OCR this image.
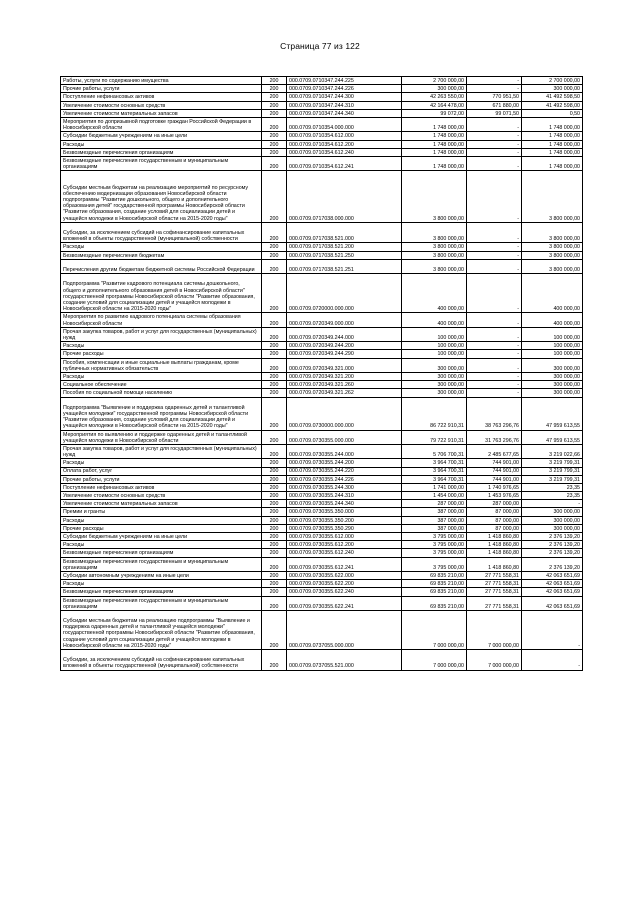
Страница 77 из 122
Работы, услуги по содержанию имущества	200	000.0709.0710347.244.225	2 700 000,00	-	2 700 000,00
Прочие работы, услуги	200	000.0709.0710347.244.226	300 000,00	-	300 000,00
Поступление нефинансовых активов	200	000.0709.0710347.244.300	42 263 550,00	770 951,50	41 492 598,50
Увеличение стоимости основных средств	200	000.0709.0710347.244.310	42 164 478,00	671 880,00	41 492 598,00
Увеличение стоимости материальных запасов	200	000.0709.0710347.244.340	99 072,00	99 071,50	0,50
Мероприятия по допризывной подготовке граждан Российской Федерации в Новосибирской области	200	000.0709.0710354.000.000	1 748 000,00	-	1 748 000,00
Субсидии бюджетным учреждениям на иные цели	200	000.0709.0710354.612.000	1 748 000,00	-	1 748 000,00
Расходы	200	000.0709.0710354.612.200	1 748 000,00	-	1 748 000,00
Безвозмездные перечисления организациям	200	000.0709.0710354.612.240	1 748 000,00	-	1 748 000,00
Безвозмездные перечисления государственным и муниципальным организациям	200	000.0709.0710354.612.241	1 748 000,00	-	1 748 000,00
Субсидии местным бюджетам на реализацию мероприятий по ресурсному обеспечению модернизации образования Новосибирской области подпрограммы "Развитие дошкольного, общего и дополнительного образования детей" государственной программы Новосибирской области "Развитие образования, создание условий для социализации детей и учащейся молодежи в Новосибирской области на 2015-2020 годы"	200	000.0709.0717038.000.000	3 800 000,00	-	3 800 000,00
Субсидии, за исключением субсидий на софинансирование капитальных вложений в объекты государственной (муниципальной) собственности	200	000.0709.0717038.521.000	3 800 000,00	-	3 800 000,00
Расходы	200	000.0709.0717038.521.200	3 800 000,00	-	3 800 000,00
Безвозмездные перечисления бюджетам	200	000.0709.0717038.521.250	3 800 000,00	-	3 800 000,00
Перечисления другим бюджетам бюджетной системы Российской Федерации	200	000.0709.0717038.521.251	3 800 000,00	-	3 800 000,00
Подпрограмма "Развитие кадрового потенциала системы дошкольного, общего и дополнительного образования детей в Новосибирской области" государственной программы Новосибирской области "Развитие образования, создание условий для социализации детей и учащейся молодежи в Новосибирской области на 2015-2020 годы"	200	000.0709.0720000.000.000	400 000,00	-	400 000,00
Мероприятия по развитию кадрового потенциала системы образования Новосибирской области	200	000.0709.0720349.000.000	400 000,00	-	400 000,00
Прочая закупка товаров, работ и услуг для государственных (муниципальных) нужд	200	000.0709.0720349.244.000	100 000,00	-	100 000,00
Расходы	200	000.0709.0720349.244.200	100 000,00	-	100 000,00
Прочие расходы	200	000.0709.0720349.244.290	100 000,00	-	100 000,00
Пособия, компенсации и иные социальные выплаты гражданам, кроме публичных нормативных обязательств	200	000.0709.0720349.321.000	300 000,00	-	300 000,00
Расходы	200	000.0709.0720349.321.200	300 000,00	-	300 000,00
Социальное обеспечение	200	000.0709.0720349.321.260	300 000,00	-	300 000,00
Пособия по социальной помощи населению	200	000.0709.0720349.321.262	300 000,00	-	300 000,00
Подпрограмма "Выявление и поддержка одаренных детей и талантливой учащейся молодежи" государственной программы Новосибирской области "Развитие образования, создание условий для социализации детей и учащейся молодежи в Новосибирской области на 2015-2020 годы"	200	000.0709.0730000.000.000	86 722 910,31	38 763 296,76	47 959 613,55
Мероприятия по выявлению и поддержке одаренных детей и талантливой учащейся молодежи в Новосибирской области	200	000.0709.0730355.000.000	79 722 910,31	31 763 296,76	47 959 613,55
Прочая закупка товаров, работ и услуг для государственных (муниципальных) нужд	200	000.0709.0730355.244.000	5 706 700,31	2 485 677,65	3 219 022,66
Расходы	200	000.0709.0730355.244.200	3 964 700,31	744 901,00	3 219 799,31
Оплата работ, услуг	200	000.0709.0730355.244.220	3 964 700,31	744 901,00	3 219 799,31
Прочие работы, услуги	200	000.0709.0730355.244.226	3 964 700,31	744 901,00	3 219 799,31
Поступление нефинансовых активов	200	000.0709.0730355.244.300	1 741 000,00	1 740 976,65	23,35
Увеличение стоимости основных средств	200	000.0709.0730355.244.310	1 454 000,00	1 453 976,65	23,35
Увеличение стоимости материальных запасов	200	000.0709.0730355.244.340	287 000,00	287 000,00	-
Премии и гранты	200	000.0709.0730355.350.000	387 000,00	87 000,00	300 000,00
Расходы	200	000.0709.0730355.350.200	387 000,00	87 000,00	300 000,00
Прочие расходы	200	000.0709.0730355.350.290	387 000,00	87 000,00	300 000,00
Субсидии бюджетным учреждениям на иные цели	200	000.0709.0730355.612.000	3 795 000,00	1 418 860,80	2 376 139,20
Расходы	200	000.0709.0730355.612.200	3 795 000,00	1 418 860,80	2 376 139,20
Безвозмездные перечисления организациям	200	000.0709.0730355.612.240	3 795 000,00	1 418 860,80	2 376 139,20
Безвозмездные перечисления государственным и муниципальным организациям	200	000.0709.0730355.612.241	3 795 000,00	1 418 860,80	2 376 139,20
Субсидии автономным учреждениям на иные цели	200	000.0709.0730355.622.000	69 835 210,00	27 771 558,31	42 063 651,69
Расходы	200	000.0709.0730355.622.200	69 835 210,00	27 771 558,31	42 063 651,69
Безвозмездные перечисления организациям	200	000.0709.0730355.622.240	69 835 210,00	27 771 558,31	42 063 651,69
Безвозмездные перечисления государственным и муниципальным организациям	200	000.0709.0730355.622.241	69 835 210,00	27 771 558,31	42 063 651,69
Субсидии местным бюджетам на реализацию подпрограммы "Выявление и поддержка одаренных детей и талантливой учащейся молодежи" государственной программы Новосибирской области "Развитие образования, создание условий для социализации детей и учащейся молодежи в Новосибирской области на 2015-2020 годы"	200	000.0709.0737055.000.000	7 000 000,00	7 000 000,00	-
Субсидии, за исключением субсидий на софинансирование капитальных вложений в объекты государственной (муниципальной) собственности	200	000.0709.0737055.521.000	7 000 000,00	7 000 000,00	-
